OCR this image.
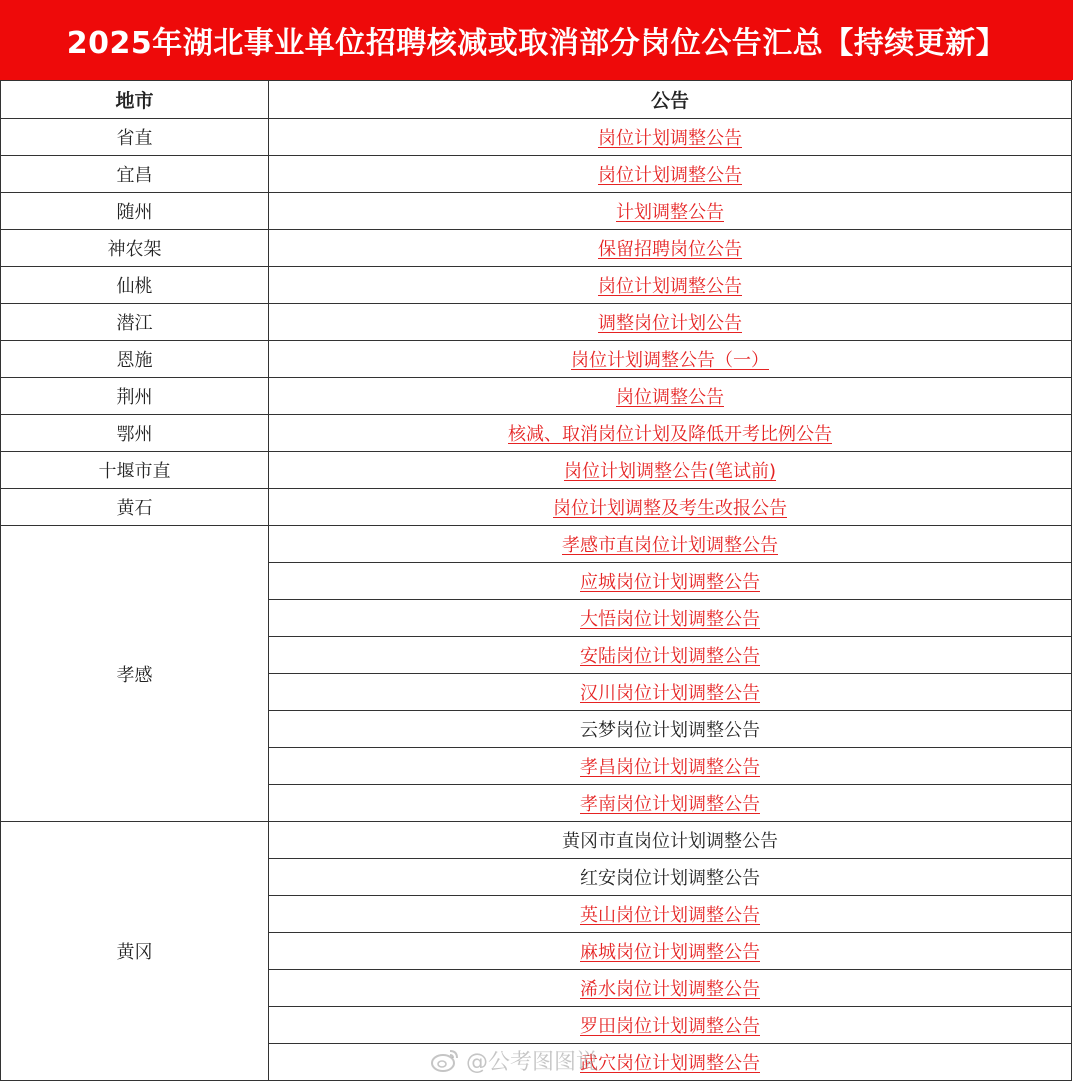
2025年湖北事业单位招聘核减或取消部分岗位公告汇总【持续更新】
地市	公告
省直	岗位计划调整公告
宜昌	岗位计划调整公告
随州	计划调整公告
神农架	保留招聘岗位公告
仙桃	岗位计划调整公告
潜江	调整岗位计划公告
恩施	岗位计划调整公告（一）
荆州	岗位调整公告
鄂州	核减、取消岗位计划及降低开考比例公告
十堰市直	岗位计划调整公告(笔试前)
黄石	岗位计划调整及考生改报公告
孝感	孝感市直岗位计划调整公告
	应城岗位计划调整公告
	大悟岗位计划调整公告
	安陆岗位计划调整公告
	汉川岗位计划调整公告
	云梦岗位计划调整公告
	孝昌岗位计划调整公告
	孝南岗位计划调整公告
黄冈	黄冈市直岗位计划调整公告
	红安岗位计划调整公告
	英山岗位计划调整公告
	麻城岗位计划调整公告
	浠水岗位计划调整公告
	罗田岗位计划调整公告
	武穴岗位计划调整公告
@公考图图说
